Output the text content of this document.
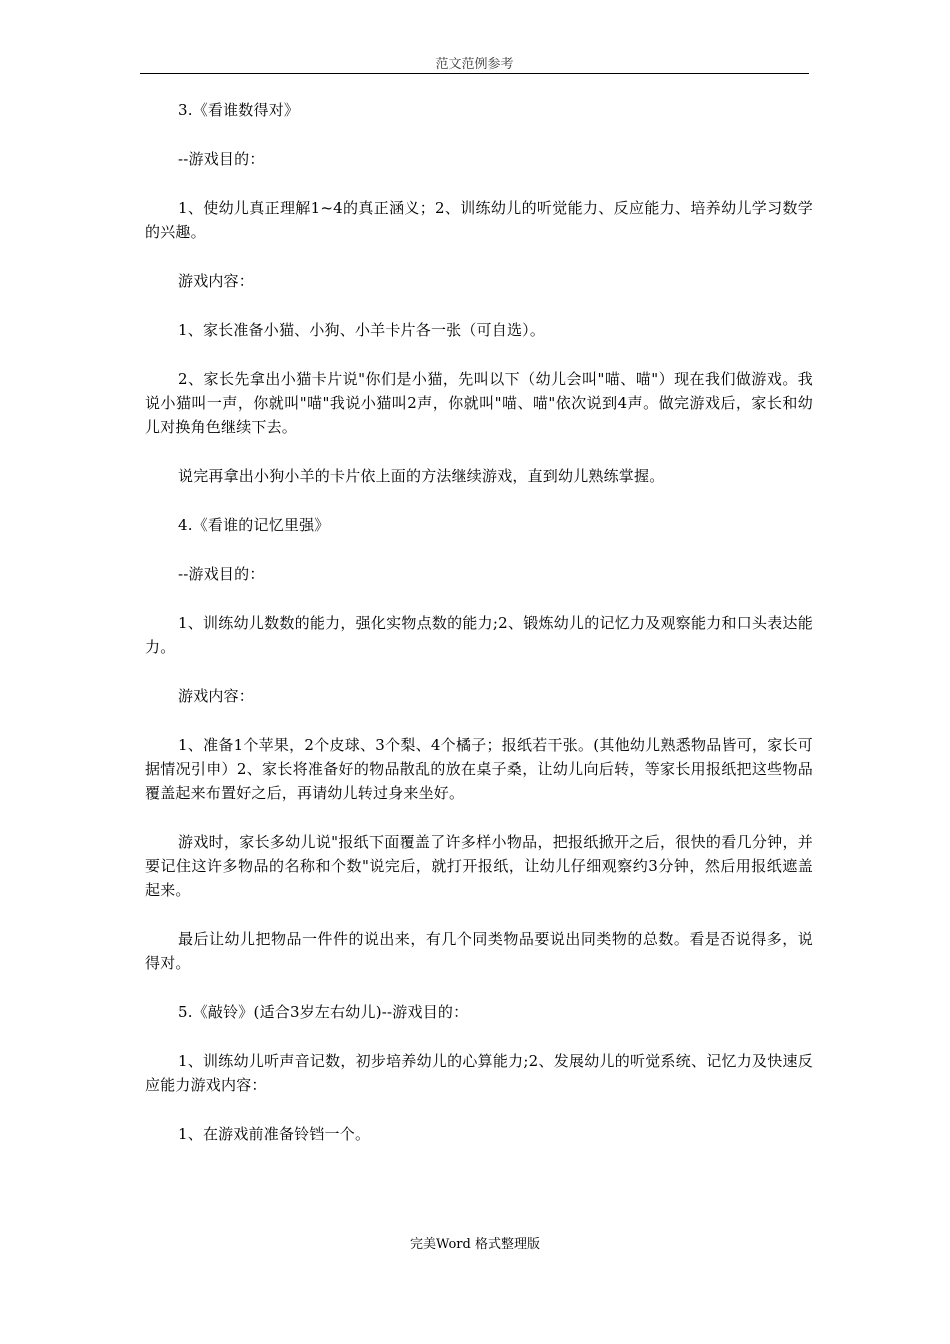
范文范例参考

3.《看谁数得对》

--游戏目的：

1、使幼儿真正理解1~4的真正涵义；2、训练幼儿的听觉能力、反应能力、培养幼儿学习数学的兴趣。

游戏内容：

1、家长准备小猫、小狗、小羊卡片各一张（可自选）。

2、家长先拿出小猫卡片说"你们是小猫，先叫以下（幼儿会叫"喵、喵"）现在我们做游戏。我说小猫叫一声，你就叫"喵"我说小猫叫2声，你就叫"喵、喵"依次说到4声。做完游戏后，家长和幼儿对换角色继续下去。

说完再拿出小狗小羊的卡片依上面的方法继续游戏，直到幼儿熟练掌握。

4.《看谁的记忆里强》

--游戏目的：

1、训练幼儿数数的能力，强化实物点数的能力;2、锻炼幼儿的记忆力及观察能力和口头表达能力。

游戏内容：

1、准备1个苹果，2个皮球、3个梨、4个橘子；报纸若干张。(其他幼儿熟悉物品皆可，家长可据情况引申）2、家长将准备好的物品散乱的放在桌子桑，让幼儿向后转，等家长用报纸把这些物品覆盖起来布置好之后，再请幼儿转过身来坐好。

游戏时，家长多幼儿说"报纸下面覆盖了许多样小物品，把报纸掀开之后，很快的看几分钟，并要记住这许多物品的名称和个数"说完后，就打开报纸，让幼儿仔细观察约3分钟，然后用报纸遮盖起来。

最后让幼儿把物品一件件的说出来，有几个同类物品要说出同类物的总数。看是否说得多，说得对。

5.《敲铃》(适合3岁左右幼儿)--游戏目的：

1、训练幼儿听声音记数，初步培养幼儿的心算能力;2、发展幼儿的听觉系统、记忆力及快速反应能力游戏内容：

1、在游戏前准备铃铛一个。

完美Word 格式整理版
